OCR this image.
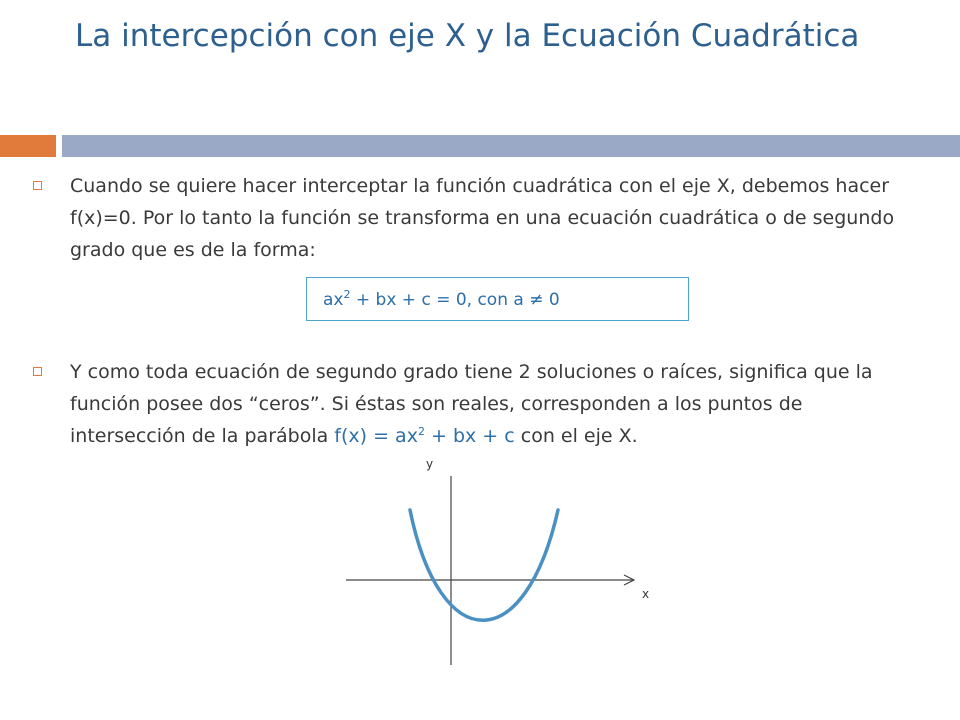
La intercepción con eje X y la Ecuación Cuadrática

Cuando se quiere hacer interceptar la función cuadrática con el eje X, debemos hacer f(x)=0. Por lo tanto la función se transforma en una ecuación cuadrática o de segundo grado que es de la forma:

$ax^2$ + bx + c = 0, con a ≠ 0

Y como toda ecuación de segundo grado tiene 2 soluciones o raíces, significa que la función posee dos “ceros”. Si éstas son reales, corresponden a los puntos de intersección de la parábola $f(x) = ax^2$ + bx + c con el eje X.

y
x
